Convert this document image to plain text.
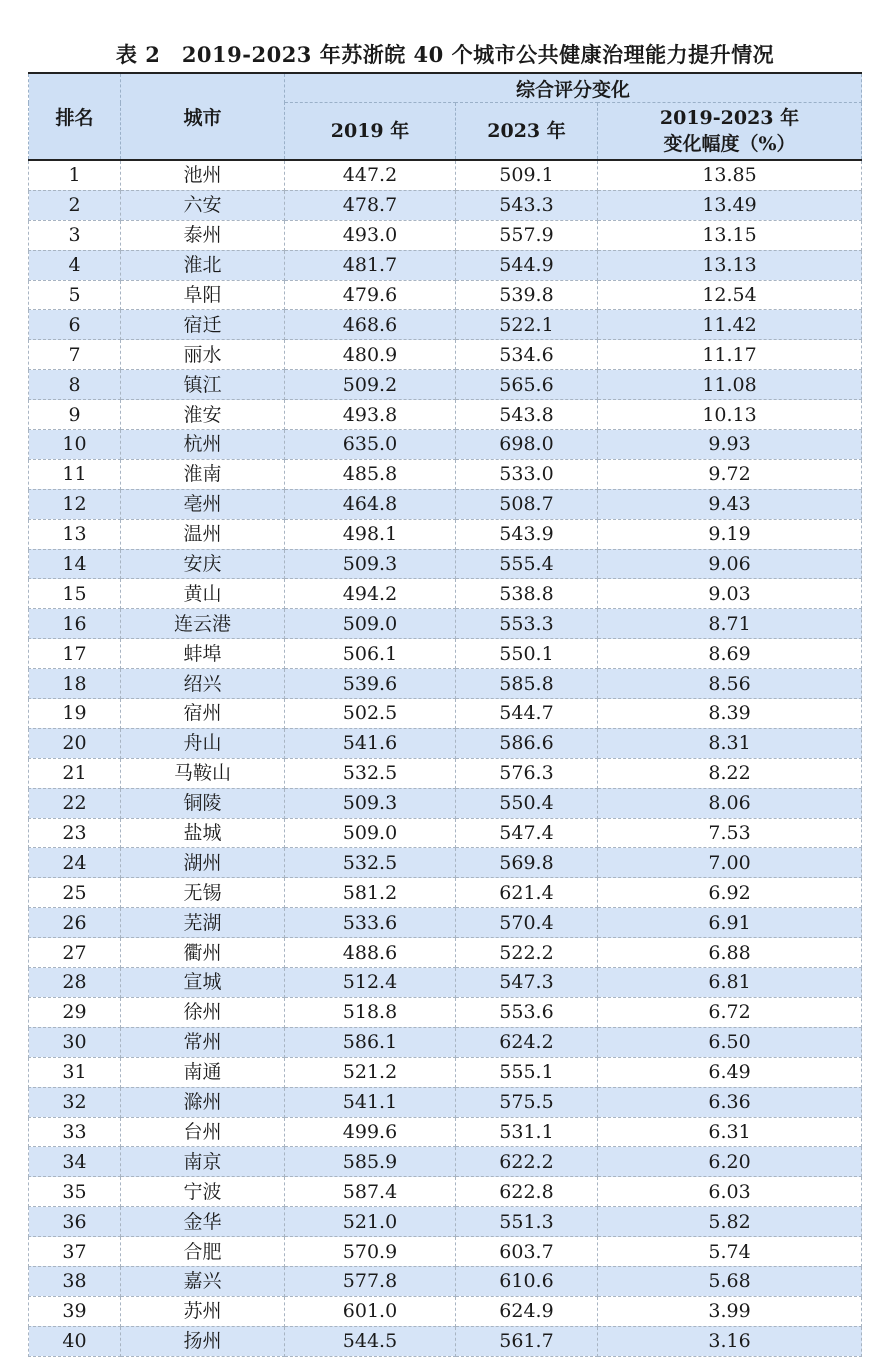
表 2　2019-2023 年苏浙皖 40 个城市公共健康治理能力提升情况
排名	城市	综合评分变化		
		2019 年	2023 年	2019-2023 年
变化幅度（%）

1	池州	447.2	509.1	13.85
2	六安	478.7	543.3	13.49
3	泰州	493.0	557.9	13.15
4	淮北	481.7	544.9	13.13
5	阜阳	479.6	539.8	12.54
6	宿迁	468.6	522.1	11.42
7	丽水	480.9	534.6	11.17
8	镇江	509.2	565.6	11.08
9	淮安	493.8	543.8	10.13
10	杭州	635.0	698.0	9.93
11	淮南	485.8	533.0	9.72
12	亳州	464.8	508.7	9.43
13	温州	498.1	543.9	9.19
14	安庆	509.3	555.4	9.06
15	黄山	494.2	538.8	9.03
16	连云港	509.0	553.3	8.71
17	蚌埠	506.1	550.1	8.69
18	绍兴	539.6	585.8	8.56
19	宿州	502.5	544.7	8.39
20	舟山	541.6	586.6	8.31
21	马鞍山	532.5	576.3	8.22
22	铜陵	509.3	550.4	8.06
23	盐城	509.0	547.4	7.53
24	湖州	532.5	569.8	7.00
25	无锡	581.2	621.4	6.92
26	芜湖	533.6	570.4	6.91
27	衢州	488.6	522.2	6.88
28	宣城	512.4	547.3	6.81
29	徐州	518.8	553.6	6.72
30	常州	586.1	624.2	6.50
31	南通	521.2	555.1	6.49
32	滁州	541.1	575.5	6.36
33	台州	499.6	531.1	6.31
34	南京	585.9	622.2	6.20
35	宁波	587.4	622.8	6.03
36	金华	521.0	551.3	5.82
37	合肥	570.9	603.7	5.74
38	嘉兴	577.8	610.6	5.68
39	苏州	601.0	624.9	3.99
40	扬州	544.5	561.7	3.16
